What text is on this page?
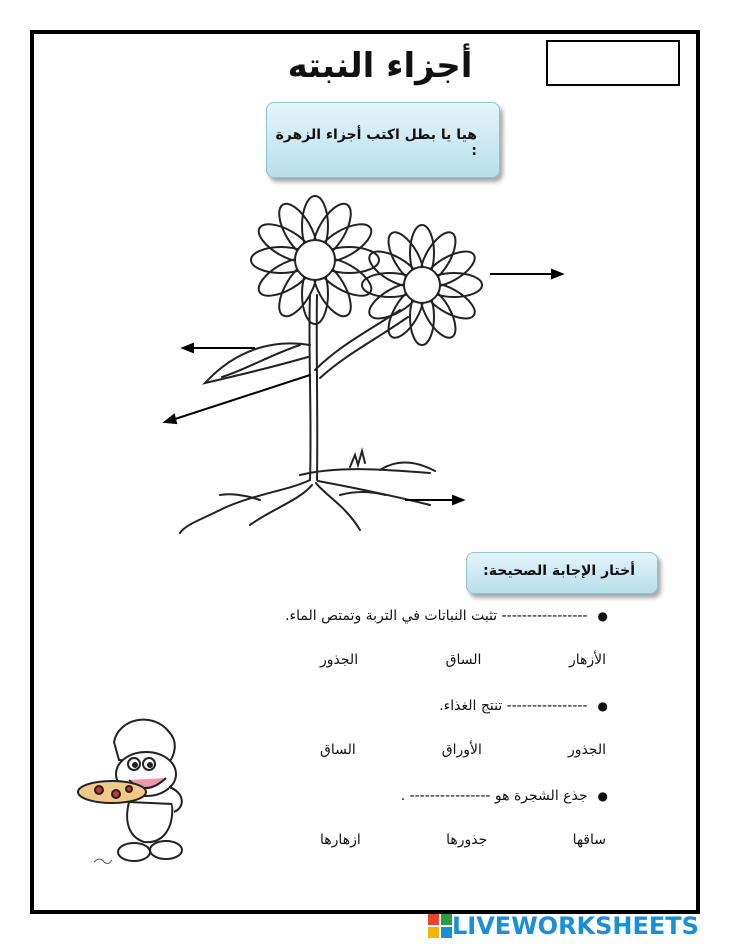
أجزاء النبته
هيا يا بطل اكتب أجزاء الزهرة :
أختار الإجابة الصحيحة:
●----------------- تثبت النباتات في التربة وتمتص الماء.
الجذور	الساق	الأزهار
●---------------- تنتج الغذاء.
الساق	الأوراق	الجذور
●جذع الشجرة هو ---------------- .
ازهارها	جذورها	ساقها
LIVEWORKSHEETS
